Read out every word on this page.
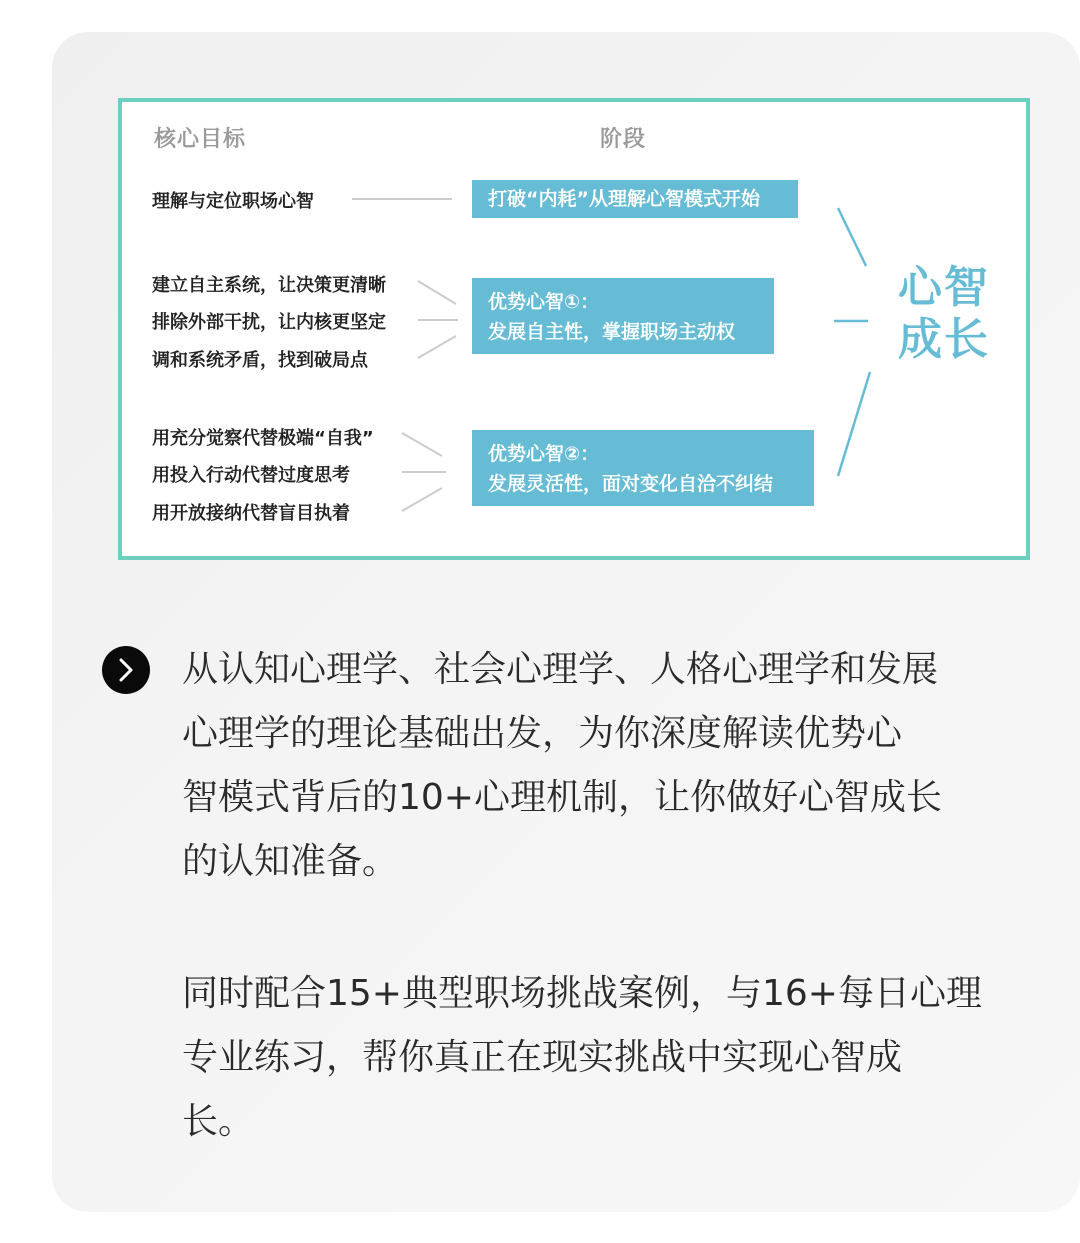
核心目标	阶段
理解与定位职场心智	打破“内耗”从理解心智模式开始
建立自主系统，让决策更清晰
排除外部干扰，让内核更坚定
调和系统矛盾，找到破局点
优势心智①：
发展自主性，掌握职场主动权
用充分觉察代替极端“自我”
用投入行动代替过度思考
用开放接纳代替盲目执着
优势心智②：
发展灵活性，面对变化自洽不纠结
心智
成长
从认知心理学、社会心理学、人格心理学和发展
心理学的理论基础出发，为你深度解读优势心
智模式背后的10+心理机制，让你做好心智成长
的认知准备。
同时配合15+典型职场挑战案例，与16+每日心理
专业练习，帮你真正在现实挑战中实现心智成
长。
